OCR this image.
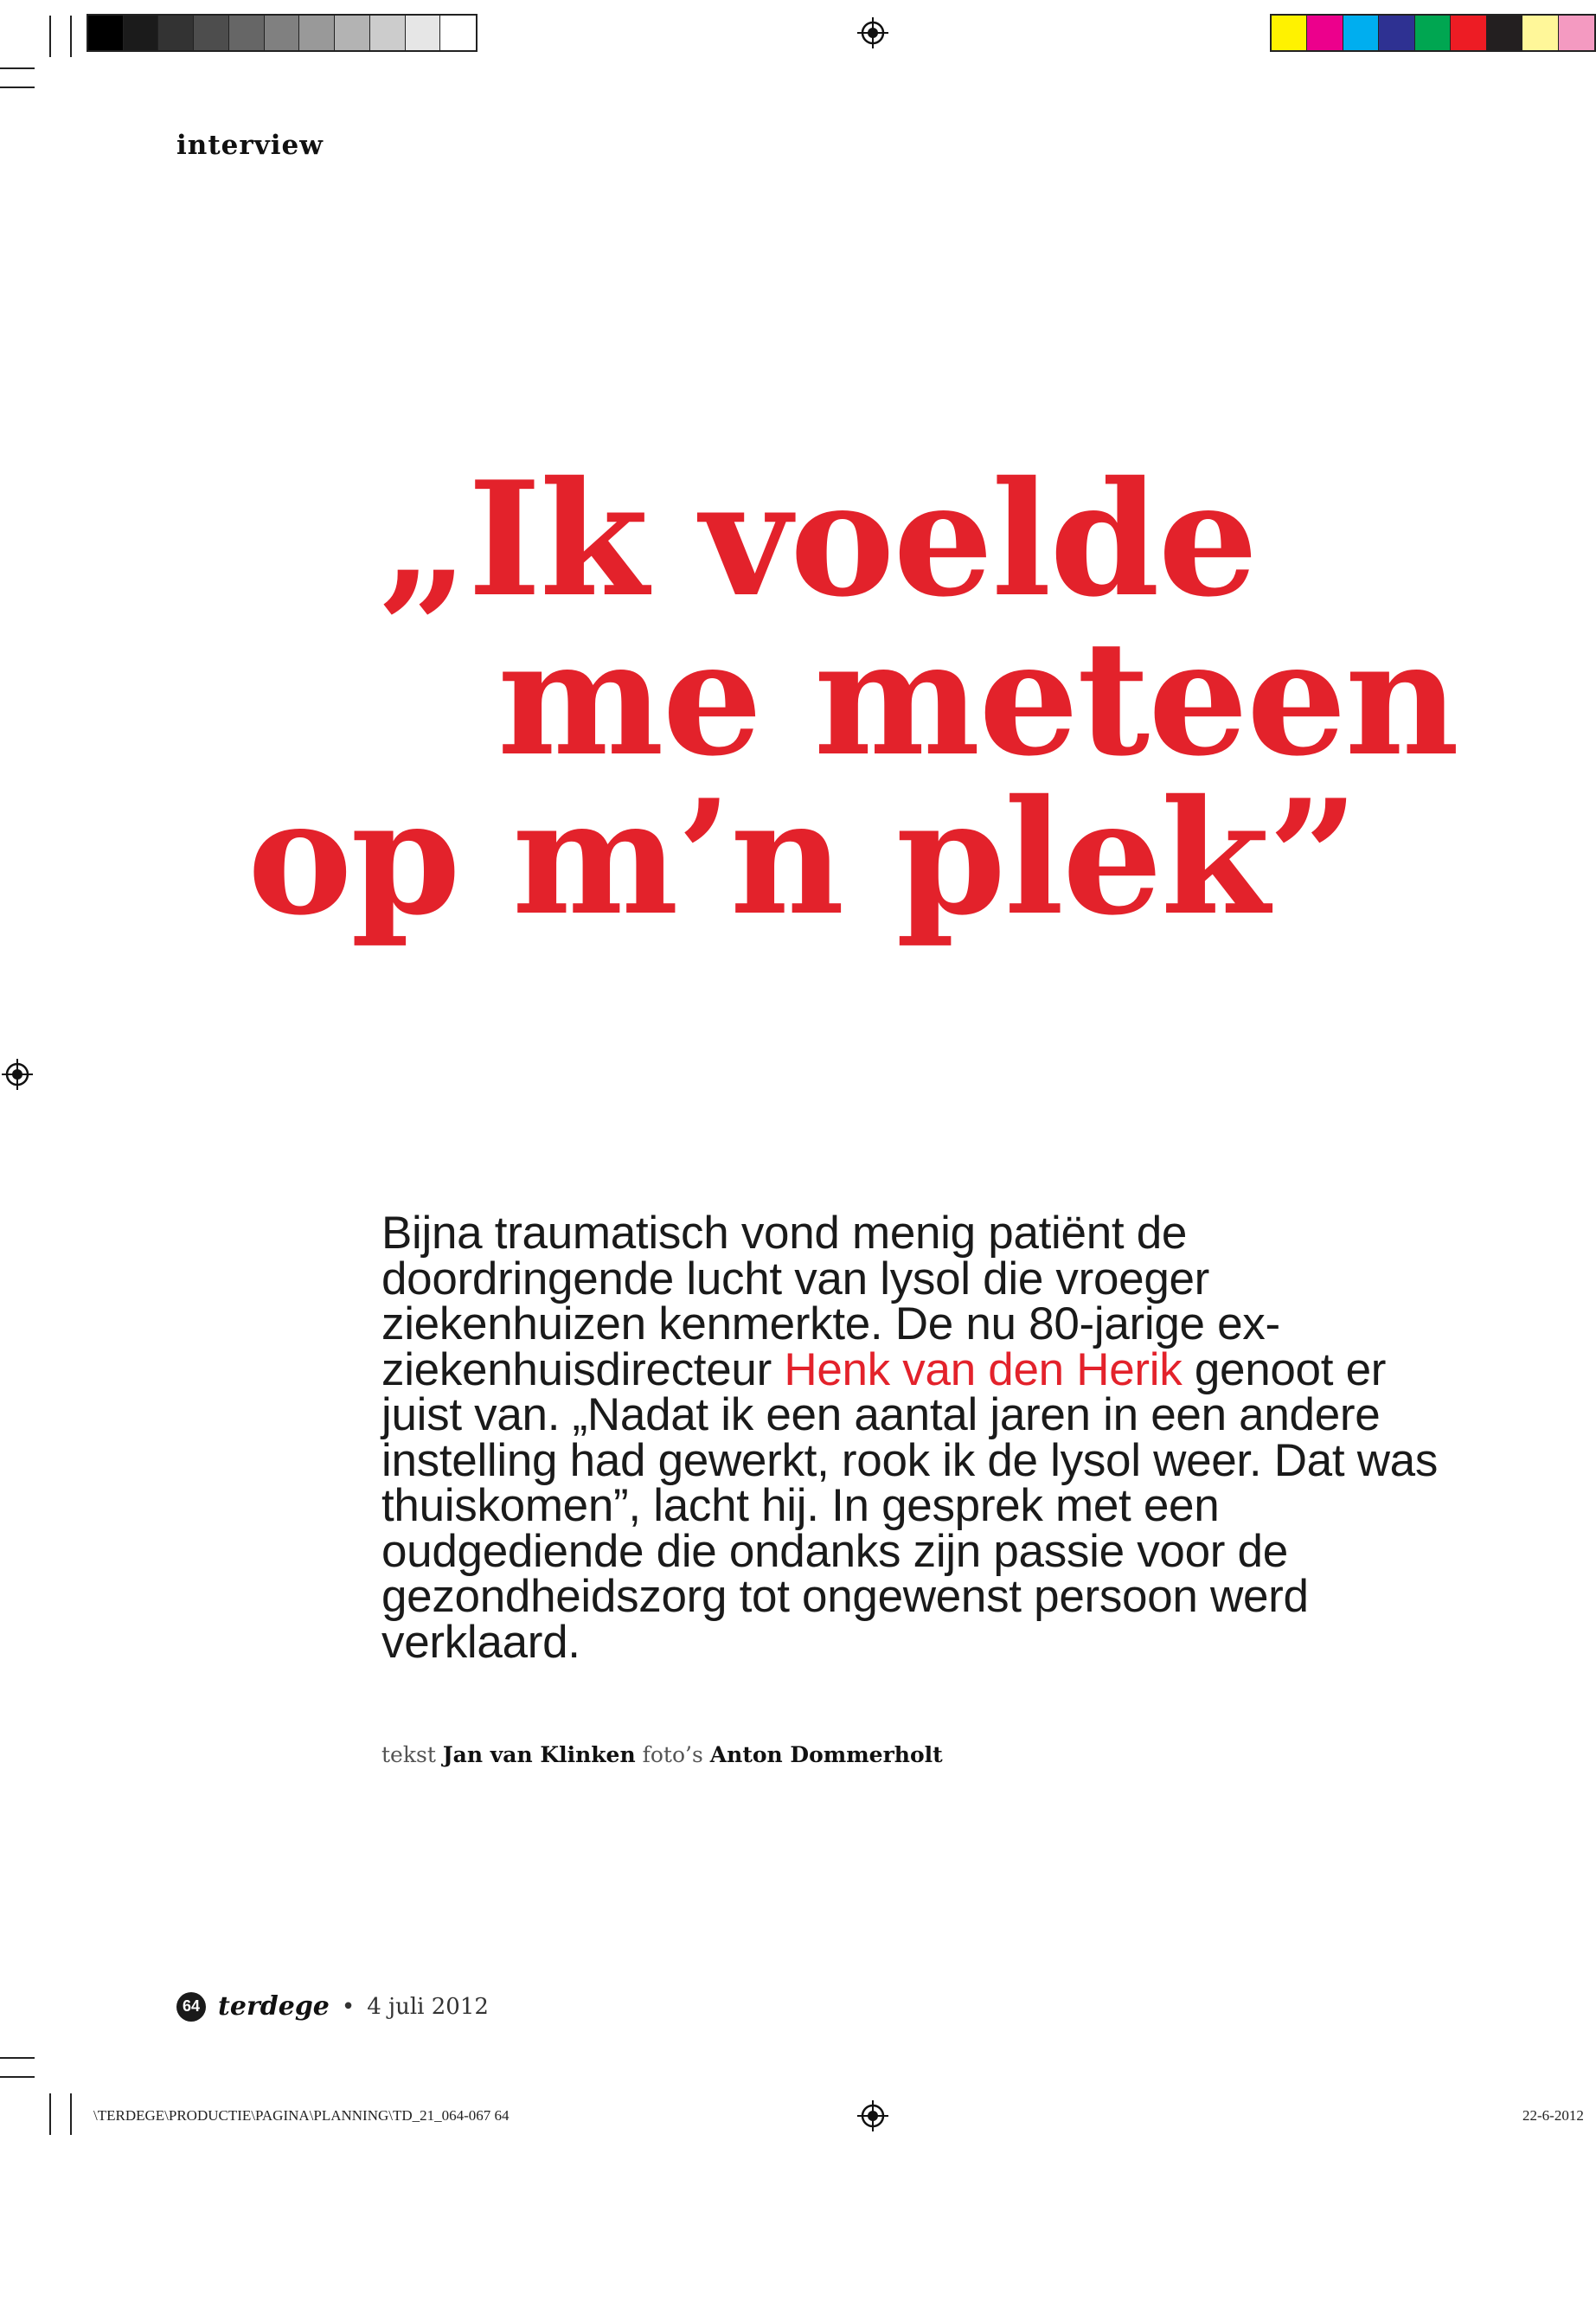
interview
„Ik voelde
me meteen
op m’n plek”
Bijna traumatisch vond menig patiënt de doordringende lucht van lysol die vroeger ziekenhuizen kenmerkte. De nu 80-jarige ex-ziekenhuisdirecteur Henk van den Herik genoot er juist van. „Nadat ik een aantal jaren in een andere instelling had gewerkt, rook ik de lysol weer. Dat was thuiskomen”, lacht hij. In gesprek met een oudgediende die ondanks zijn passie voor de gezondheidszorg tot ongewenst persoon werd verklaard.
tekst Jan van Klinken foto’s Anton Dommerholt
64 terdege • 4 juli 2012
\TERDEGE\PRODUCTIE\PAGINA\PLANNING\TD_21_064-067 64	22-6-2012
